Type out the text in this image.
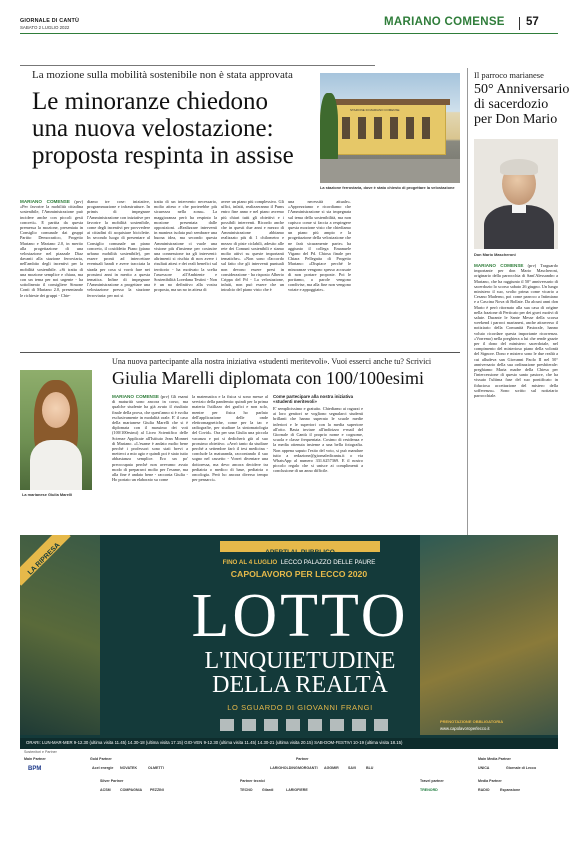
GIORNALE DI CANTÙ
SABATO 2 LUGLIO 2022	MARIANO COMENSE 57
La mozione sulla mobilità sostenibile non è stata approvata
Le minoranze chiedono
una nuova velostazione:
proposta respinta in assise
STAZIONE DI MARIANO COMENSE
La stazione ferroviaria, dove è stato chiesto di progettare la velostazione
MARIANO COMENSE (prv) «Per favorire la mobilità cittadina sostenibile, l'Amministrazione può incidere anche con piccoli gesti concreti». E partita da questa premessa la mozione, presentata in Consiglio comunale dai gruppi Partito Democratico, Progetto Mariano e Mariano 2.0, in merito alla progettazione di una velostazione nel piazzale Diaz davanti alla stazione ferroviaria, nell'ambito degli incentivi per la mobilità sostenibile. «Si tratta di una mozione semplice e chiara, ma con un tema per noi urgente - ha sottolineato il consigliere Simone Conti di Mariano 2.0, presentando le richieste dei gruppi - Chie-
diamo tre cose: iniziative, programmazione e infrastrutture. In primis di impegnare l'Amministrazione con iniziative per favorire la mobilità sostenibile, come degli incentivi per provvedere ai cittadini di acquistare biciclette. In secondo luogo di presentare al Consiglio comunale un piano concreto, il cosiddetto Piano (piano urbano mobilità sostenibile), per essere pronti ad intercettare eventuali bandi e avere tracciata la strada per cosa si vorrà fare nei prossimi anni in merito a questa tematica. Infine di impegnare l'Amministrazione a progettare una velostazione presso la stazione ferroviaria: per noi si
tratta di un intervento necessario, molto atteso e che porterebbe più sicurezza nella zona». La maggioranza però ha respinto la mozione presentata dalle opposizioni. «Realizzare interventi in maniera isolata può sembrare una buona idea, ma secondo questa Amministrazione ci vuole una visione più d'insieme per costruire una connessione tra gli interventi: altrimenti si rischia di non avere i risultati attesi e dei reali benefici sul territorio - ha motivato la scelta l'assessore all'Ambiente e Sostenibilità Loredana Testini - Non è un no definitivo alla vostra proposta, ma un no in attesa di
avere un piano più complessivo. Gli uffici, infatti, realizzeranno il Pums entro fine anno e nel piano avremo più chiari tutti gli obiettivi e i possibili interventi. Ricordo anche che in questi due anni e mezzo di Amministrazione abbiamo realizzato più di 1 chilometro e mezzo di piste ciclabili, adesito alle rete dei Comuni sostenibili e siamo molto attivi su queste importanti tematiche». «Non sono d'accordo sul fatto che gli interventi puntuali non devono essere presi in considerazione - ha risposto Alberto Crippa del Pd - La velostazione, infatti, non può essere che un intralcio del piano visto che è
una necessità attuale». «Apprezziamo e ricordiamo che l'Amministrazione si sia impegnata sul tema della sostenibilità, ma non capisco come si faccia a respingere questa mozione visto che chiediamo un piano più ampio e la progettazione della velostazione che ne farà sicuramente parte» ha aggiunto il collega Emanuele Vigano del Pd. Chiosa finale per Chiara Pellegatta di Progetto Mariano: «Dispiace perché le minoranze vengono spesso accusate di non portare proposte. Poi le portiamo, a parole vengono condivise, ma alla fine non vengono votate e appoggiate».
Il parroco marianese
50° Anniversario
di sacerdozio
per Don Mario
Don Mario Mascheroni
MARIANO COMENSE (prv) Traguardo importante per don Mario Mascheroni, originario della parrocchia di Sant'Alessandro a Mariano, che ha raggiunto il 50° anniversario di sacerdozio lo scorso sabato 26 giugno. Un lungo ministero il suo, svolto prima come vicario a Cesano Maderno, poi come parroco a Intimiano e a Cascina Nova di Bollate. Da alcuni anni don Mario è però ritornato alla sua casa di origine nella frazione di Perticato per dei gravi motivi di salute. Durante le Sante Messe della scorsa weekend i parroci marianesi, anche attraverso il notiziario della Comunità Pastorale, hanno voluto ricordare questa importante ricorrenza. «Vorremo) nella preghiera a lui che rende grazie per il dono del ministero sacerdotale, nel compimento del misterioso piano della volontà del Signore. Dono e mistero sono le due realtà a cui alludeva san Giovanni Paolo II nel 50° anniversario della sua ordinazione presbiterale: preghiamo Maria madre della Chiesa per l'intercessione di questo santo pastore, che ha vissuto l'ultima fase del suo pontificato in fiduciosa accettazione del mistero della sofferenza». Sono scritto sul notiziario parrocchiale.
La marianese Giulia Marelli
Una nuova partecipante alla nostra iniziativa «studenti meritevoli». Vuoi esserci anche tu? Scrivici
Giulia Marelli diplomata con 100/100esimi
MARIANO COMENSE (prv) Gli esami di maturità sono ancora in corso, ma qualche studente ha già avuto il risultato finale della prova, che quest'anno si è svolta esclusivamente in modalità orale. E' il caso della marianese Giulia Marelli che si è diplomata con il massimo dei voti (100/100esimi) al Liceo Scientifico delle Scienze Applicate all'Istituto Jean Monnet di Mariano. «L'esame è andato molto bene perché i professori sono stati brevi a metterci a mio agio e quindi poi è stato tutto abbastanza semplice. Ero un po' preoccupata perché non avevamo avuto modo di prepararci molto per l'esame, ma alla fine è andato bene - racconta Giulia - Ho portato un elaborato su come
la matematica e la fisica si sono messe al servizio della pandemia: quindi per la prima materia l'utilizzo dei grafici e non solo, mentre per fisica ho parlato dell'applicazione delle onde elettromagnetiche, come per la tac e radiografie, per studiare la sintomatologia del Covid». Ora per una Giulia una piccola vacanza e poi si dedicherà già al suo prossimo obiettivo. «Avrò tanto da studiare perché a settembre farò il test medicina - conclude la maturanda, raccontando il suo sogno nel cassetto - Vorrei diventare una dottoressa, ma devo ancora decidere tra pediatria o medico di base, pediatria o oncologia. Però ho ancora diverso tempo per pensarci».
Come partecipare alla nostra iniziativa «studenti meritevoli»
E' semplicissimo e gratuito. Chiediamo ai ragazzi e ai loro genitori se vogliono segnalarci studenti brillanti che hanno superato le scuole medie inferiori e le superiori con la media superiore all'otto. Basta inviare all'indirizzo e-mail del Giornale di Cantù il proprio nome e cognome, scuola e classe frequentata. Cosimo di residenza e la media ottenuta insieme a una bella fotografia. Non appena saputo l'esito del voto, si può mandare tutto a redazione@giornaledicantu.it o via WhatsApp al numero 331.6257369. E il nostro piccolo regalo che si unisce ai complimenti a conclusione di un anno difficile.
LA RIPRESA	APERTI AL PUBBLICO
FINO AL 4 LUGLIO LECCO PALAZZO DELLE PAURE
CAPOLAVORO PER LECCO 2020
LOTTO
L'INQUIETUDINE
DELLA REALTÀ
LO SGUARDO DI GIOVANNI FRANGI
PRENOTAZIONE OBBLIGATORIA
www.capolavoroperlecco.it
ORARI: LUN-MAR-MER 9-12.30 (ultima visita 11.45) 14.30-18 (ultima visita 17.15) GIO-VEN 9-12.30 (ultima visita 11.45) 14.30-21 (ultima visita 20.15) SAB-DOM-FESTIVI 10-19 (ultima visita 18.15)
Sostenitori e Partner
Main Partner
BPM
Gold Partner
Acel energie NOVATEK	OLMETTI
Partner
LARIOHOLDING MORGANTI AGGMIR	SAVI	BLU
Main Media Partner
UNICA	Giornale di Lecco
Silver Partner
ACSM	COMPAGNIA PEZZINI
Partner tecnici
TECNO	Gilardi	LARIOFIERE
Travel partner
TRENORD
Media Partner
RADIO	Espansione
